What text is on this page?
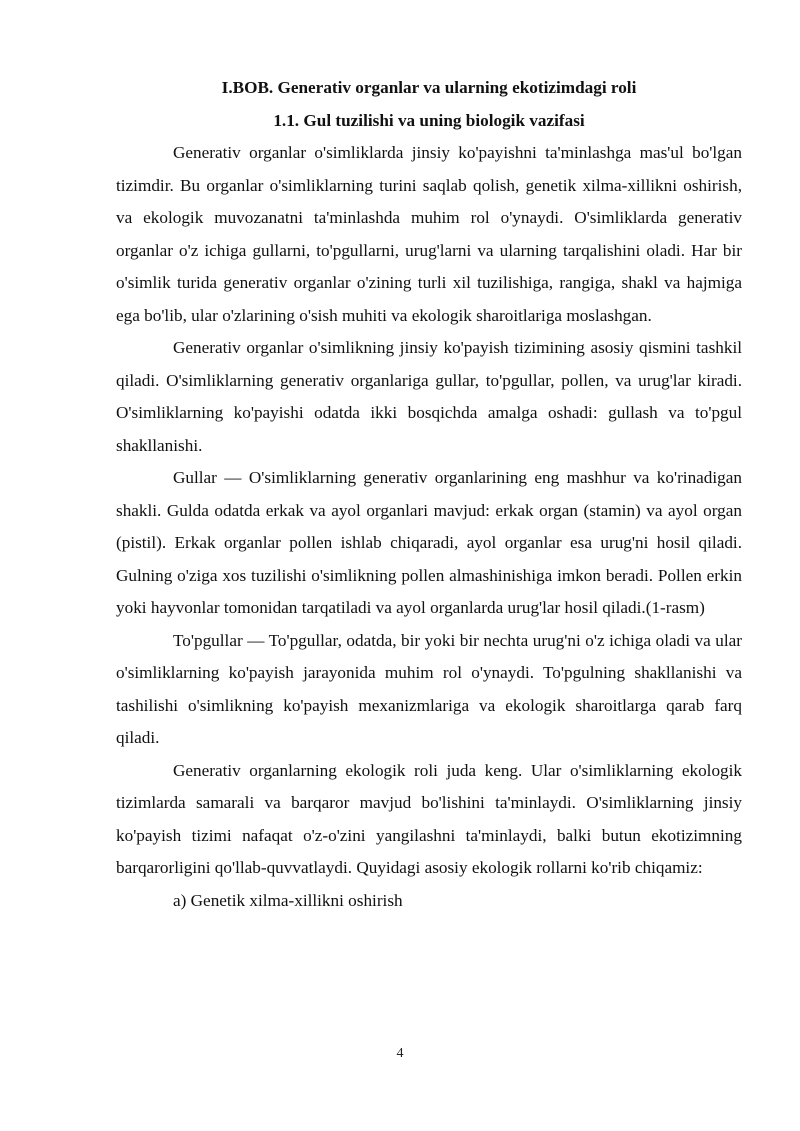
I.BOB. Generativ organlar va ularning ekotizimdagi roli

1.1. Gul tuzilishi va uning biologik vazifasi

Generativ organlar o'simliklarda jinsiy ko'payishni ta'minlashga mas'ul bo'lgan tizimdir. Bu organlar o'simliklarning turini saqlab qolish, genetik xilma-xillikni oshirish, va ekologik muvozanatni ta'minlashda muhim rol o'ynaydi. O'simliklarda generativ organlar o'z ichiga gullarni, to'pgullarni, urug'larni va ularning tarqalishini oladi. Har bir o'simlik turida generativ organlar o'zining turli xil tuzilishiga, rangiga, shakl va hajmiga ega bo'lib, ular o'zlarining o'sish muhiti va ekologik sharoitlariga moslashgan.

Generativ organlar o'simlikning jinsiy ko'payish tizimining asosiy qismini tashkil qiladi. O'simliklarning generativ organlariga gullar, to'pgullar, pollen, va urug'lar kiradi. O'simliklarning ko'payishi odatda ikki bosqichda amalga oshadi: gullash va to'pgul shakllanishi.

Gullar — O'simliklarning generativ organlarining eng mashhur va ko'rinadigan shakli. Gulda odatda erkak va ayol organlari mavjud: erkak organ (stamin) va ayol organ (pistil). Erkak organlar pollen ishlab chiqaradi, ayol organlar esa urug'ni hosil qiladi. Gulning o'ziga xos tuzilishi o'simlikning pollen almashinishiga imkon beradi. Pollen erkin yoki hayvonlar tomonidan tarqatiladi va ayol organlarda urug'lar hosil qiladi.(1-rasm)

To'pgullar — To'pgullar, odatda, bir yoki bir nechta urug'ni o'z ichiga oladi va ular o'simliklarning ko'payish jarayonida muhim rol o'ynaydi. To'pgulning shakllanishi va tashilishi o'simlikning ko'payish mexanizmlariga va ekologik sharoitlarga qarab farq qiladi.

Generativ organlarning ekologik roli juda keng. Ular o'simliklarning ekologik tizimlarda samarali va barqaror mavjud bo'lishini ta'minlaydi. O'simliklarning jinsiy ko'payish tizimi nafaqat o'z-o'zini yangilashni ta'minlaydi, balki butun ekotizimning barqarorligini qo'llab-quvvatlaydi. Quyidagi asosiy ekologik rollarni ko'rib chiqamiz:

a) Genetik xilma-xillikni oshirish

4
